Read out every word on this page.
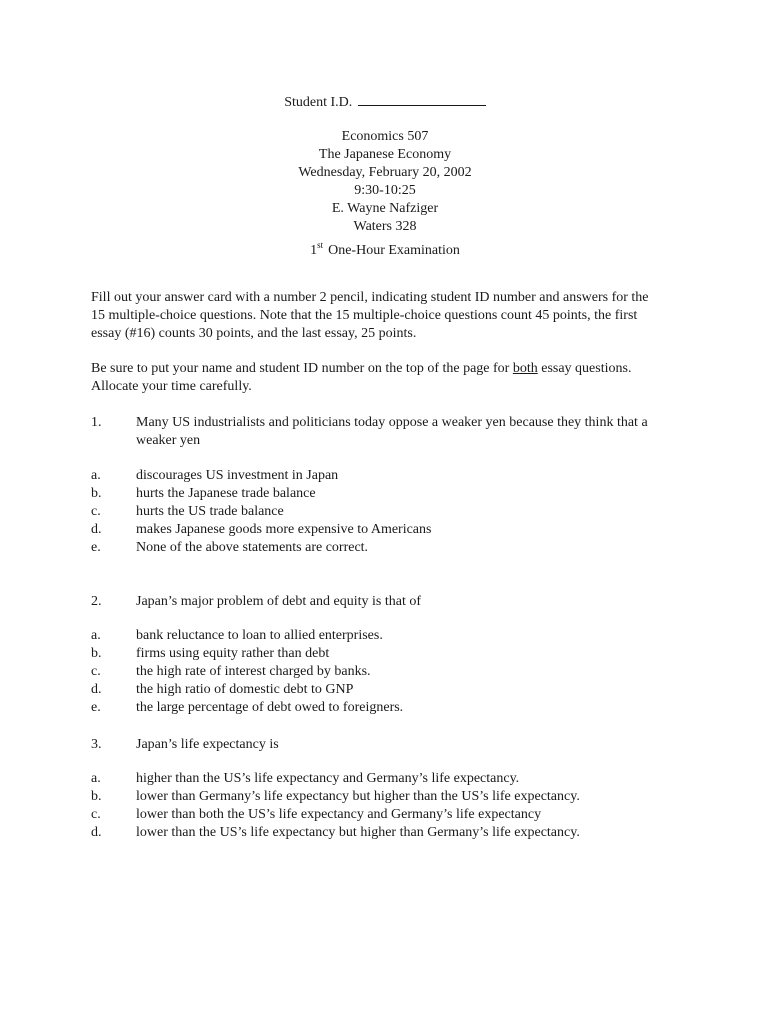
Student I.D.
Economics 507
The Japanese Economy
Wednesday, February 20, 2002
9:30-10:25
E. Wayne Nafziger
Waters 328
1st One-Hour Examination

Fill out your answer card with a number 2 pencil, indicating student ID number and answers for the 15 multiple-choice questions. Note that the 15 multiple-choice questions count 45 points, the first essay (#16) counts 30 points, and the last essay, 25 points.

Be sure to put your name and student ID number on the top of the page for both essay questions. Allocate your time carefully.

1.	Many US industrialists and politicians today oppose a weaker yen because they think that a weaker yen
a.	discourages US investment in Japan
b.	hurts the Japanese trade balance
c.	hurts the US trade balance
d.	makes Japanese goods more expensive to Americans
e.	None of the above statements are correct.
2.	Japan’s major problem of debt and equity is that of
a.	bank reluctance to loan to allied enterprises.
b.	firms using equity rather than debt
c.	the high rate of interest charged by banks.
d.	the high ratio of domestic debt to GNP
e.	the large percentage of debt owed to foreigners.
3.	Japan’s life expectancy is
a.	higher than the US’s life expectancy and Germany’s life expectancy.
b.	lower than Germany’s life expectancy but higher than the US’s life expectancy.
c.	lower than both the US’s life expectancy and Germany’s life expectancy
d.	lower than the US’s life expectancy but higher than Germany’s life expectancy.
